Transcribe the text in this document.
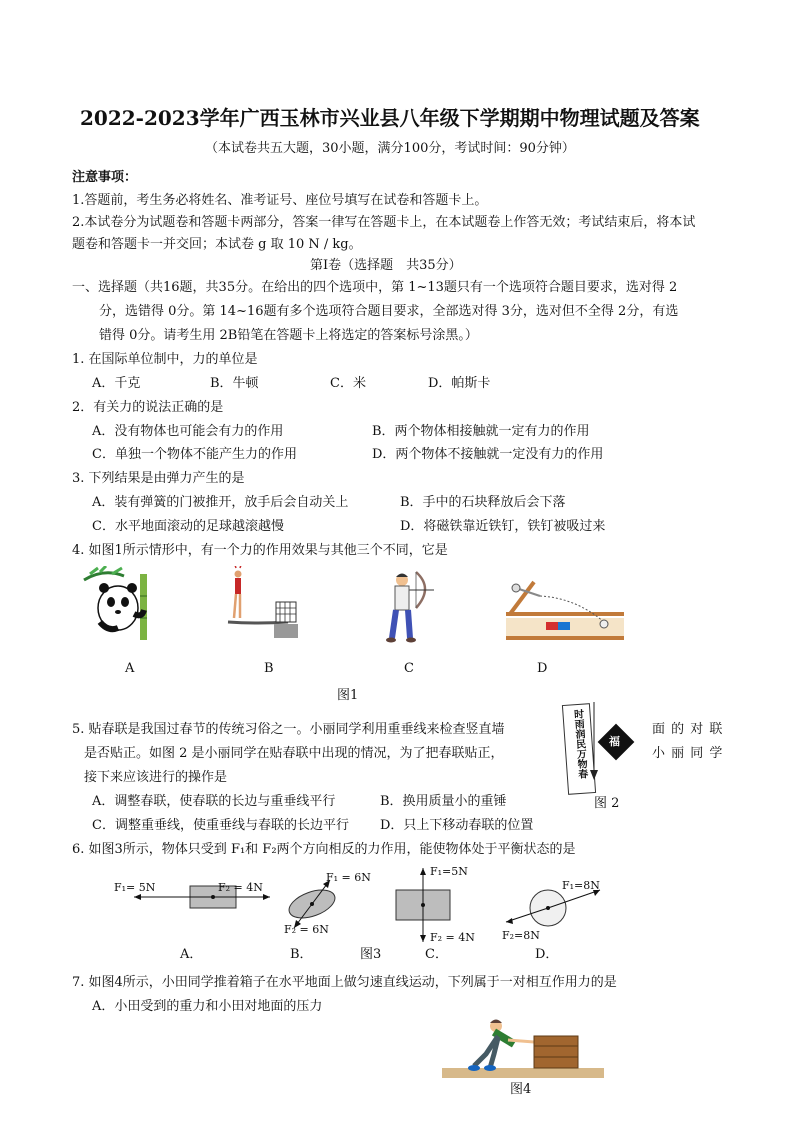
2022-2023学年广西玉林市兴业县八年级下学期期中物理试题及答案
（本试卷共五大题，30小题，满分100分，考试时间：90分钟）
注意事项：
1.答题前，考生务必将姓名、准考证号、座位号填写在试卷和答题卡上。
2.本试卷分为试题卷和答题卡两部分，答案一律写在答题卡上，在本试题卷上作答无效；考试结束后，将本试
题卷和答题卡一并交回；本试卷 g 取 10 N / kg。
第Ⅰ卷（选择题　共35分）
一、选择题（共16题，共35分。在给出的四个选项中，第 1~13题只有一个选项符合题目要求，选对得 2
分，选错得 0分。第 14~16题有多个选项符合题目要求，全部选对得 3分，选对但不全得 2分，有选
错得 0分。请考生用 2B铅笔在答题卡上将选定的答案标号涂黑。）
1. 在国际单位制中，力的单位是
A．千克	B．牛顿	C．米	D．帕斯卡
2．有关力的说法正确的是
A．没有物体也可能会有力的作用	B．两个物体相接触就一定有力的作用
C．单独一个物体不能产生力的作用	D．两个物体不接触就一定没有力的作用
3. 下列结果是由弹力产生的是
A．装有弹簧的门被推开，放手后会自动关上	B．手中的石块释放后会下落
C．水平地面滚动的足球越滚越慢	D．将磁铁靠近铁钉，铁钉被吸过来
4. 如图1所示情形中，有一个力的作用效果与其他三个不同，它是
A	B	C	D
图1
5. 贴春联是我国过春节的传统习俗之一。小丽同学利用重垂线来检查竖直墙	面 的 对 联
是否贴正。如图 2 是小丽同学在贴春联中出现的情况，为了把春联贴正，	小 丽 同 学
接下来应该进行的操作是	时雨润民万物春	福
图 2
A．调整春联，使春联的长边与重垂线平行	B．换用质量小的重锤
C．调整重垂线，使重垂线与春联的长边平行 D．只上下移动春联的位置
6. 如图3所示，物体只受到 F₁和 F₂两个方向相反的力作用，能使物体处于平衡状态的是
F₁= 5N	F₂ = 4N
A．
F₁ = 6N
F₂ = 6N
B．
F₁=5N
F₂ = 4N
图3	C．
F₁=8N
F₂=8N
D．
7. 如图4所示，小田同学推着箱子在水平地面上做匀速直线运动，下列属于一对相互作用力的是
A．小田受到的重力和小田对地面的压力
图4
